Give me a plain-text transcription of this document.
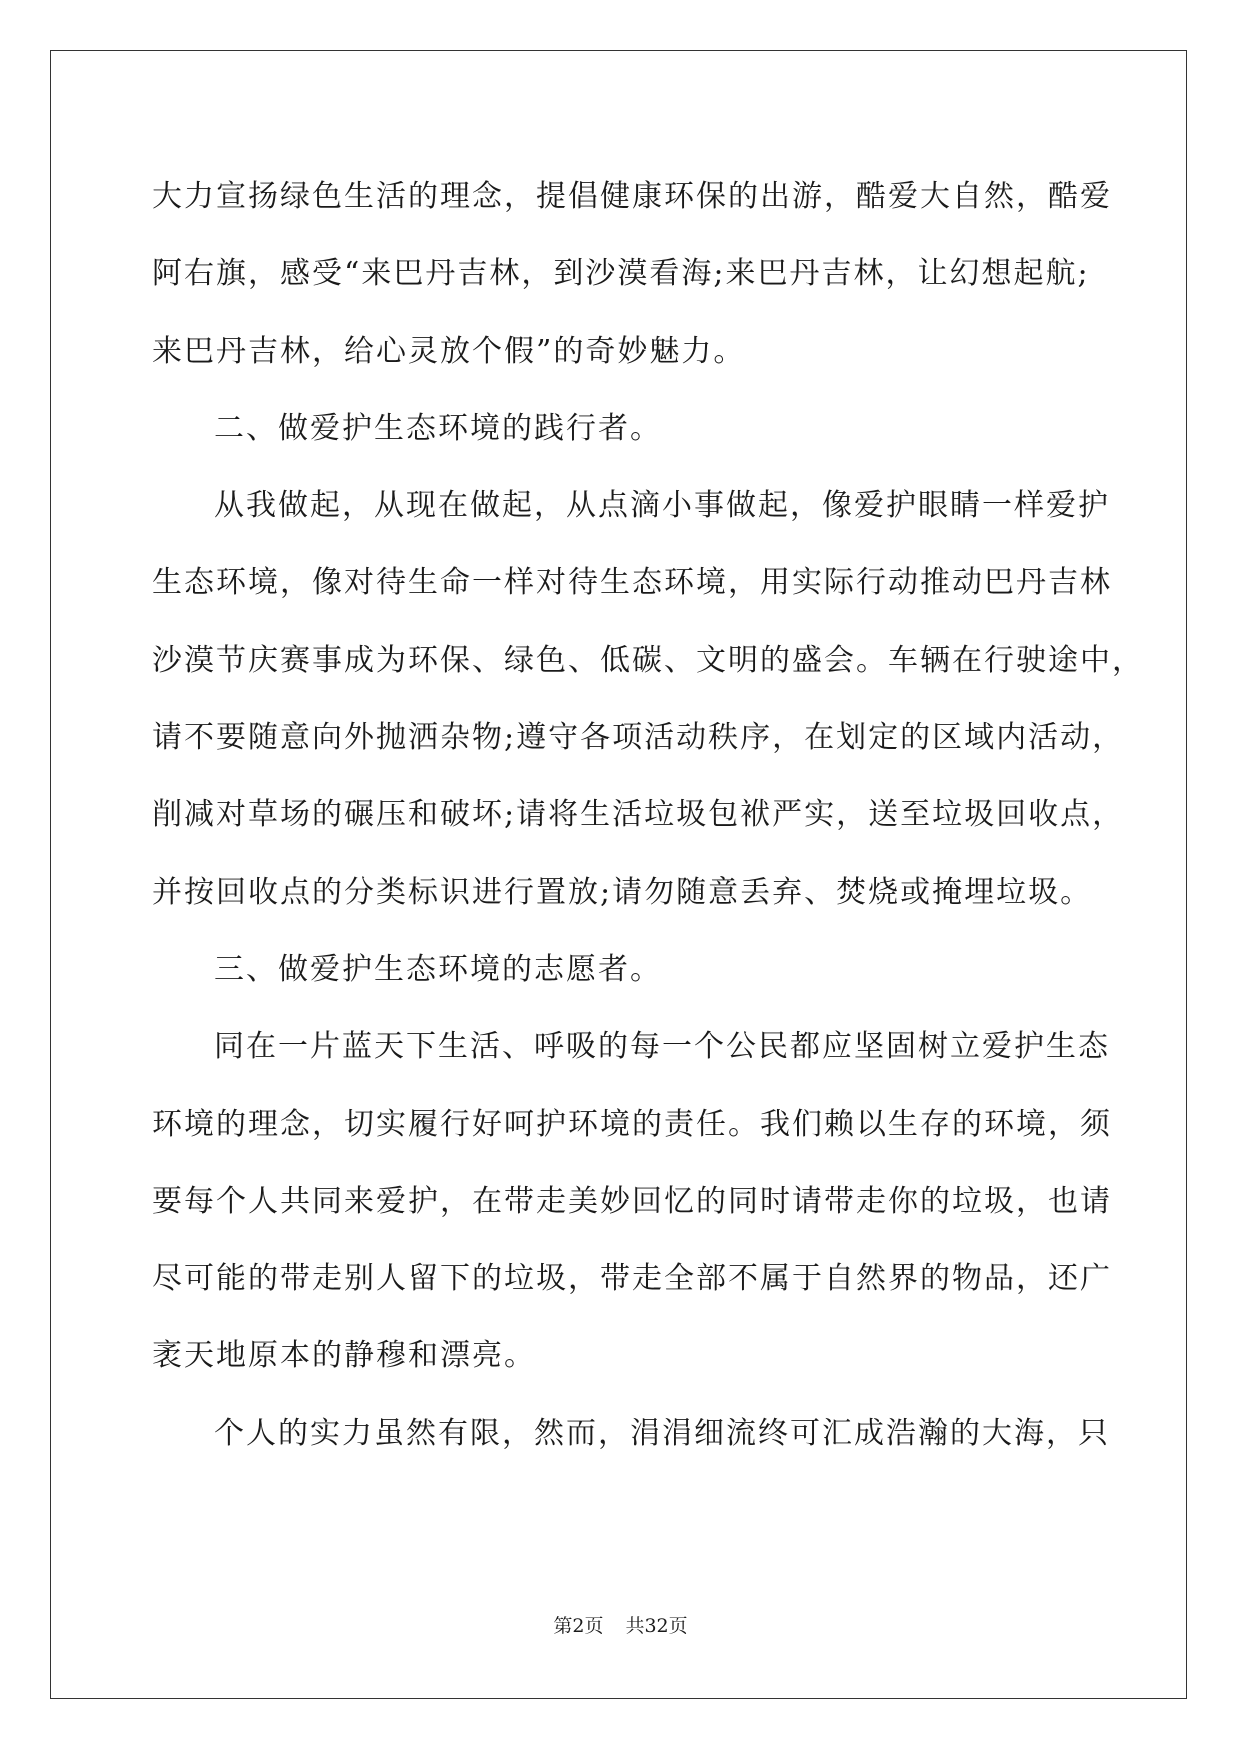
大力宣扬绿色生活的理念，提倡健康环保的出游，酷爱大自然，酷爱
阿右旗，感受“来巴丹吉林，到沙漠看海;来巴丹吉林，让幻想起航;
来巴丹吉林，给心灵放个假”的奇妙魅力。
二、做爱护生态环境的践行者。
从我做起，从现在做起，从点滴小事做起，像爱护眼睛一样爱护
生态环境，像对待生命一样对待生态环境，用实际行动推动巴丹吉林
沙漠节庆赛事成为环保、绿色、低碳、文明的盛会。车辆在行驶途中，
请不要随意向外抛洒杂物;遵守各项活动秩序，在划定的区域内活动，
削减对草场的碾压和破坏;请将生活垃圾包袱严实，送至垃圾回收点，
并按回收点的分类标识进行置放;请勿随意丢弃、焚烧或掩埋垃圾。
三、做爱护生态环境的志愿者。
同在一片蓝天下生活、呼吸的每一个公民都应坚固树立爱护生态
环境的理念，切实履行好呵护环境的责任。我们赖以生存的环境，须
要每个人共同来爱护，在带走美妙回忆的同时请带走你的垃圾，也请
尽可能的带走别人留下的垃圾，带走全部不属于自然界的物品，还广
袤天地原本的静穆和漂亮。
个人的实力虽然有限，然而，涓涓细流终可汇成浩瀚的大海，只
第2页 共32页
